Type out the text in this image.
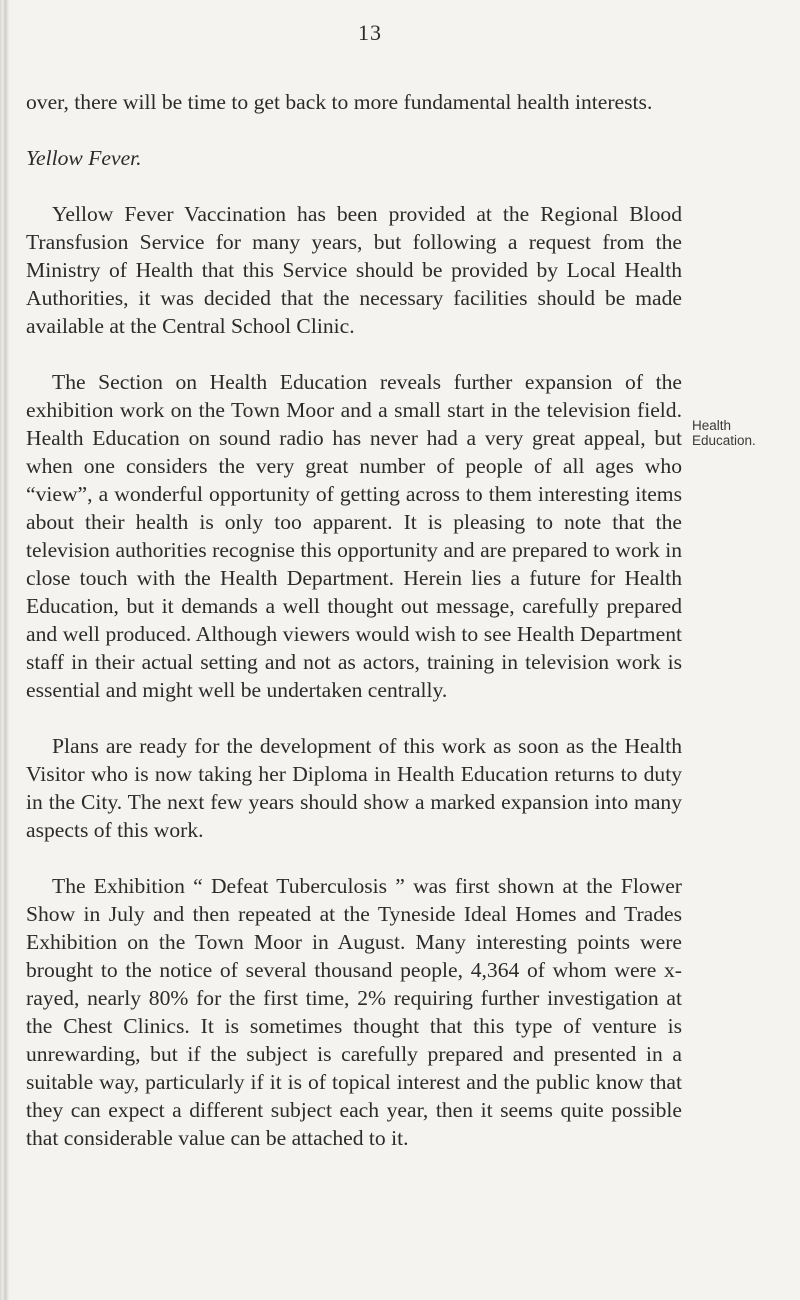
13

over, there will be time to get back to more fundamental health interests.

Yellow Fever.

Yellow Fever Vaccination has been provided at the Regional Blood Transfusion Service for many years, but following a request from the Ministry of Health that this Service should be provided by Local Health Authorities, it was decided that the necessary facilities should be made available at the Central School Clinic.

The Section on Health Education reveals further expansion of the exhibition work on the Town Moor and a small start in the television field. Health Education on sound radio has never had a very great appeal, but when one considers the very great number of people of all ages who “view”, a wonderful opportunity of getting across to them interesting items about their health is only too apparent. It is pleasing to note that the television authorities recognise this opportunity and are prepared to work in close touch with the Health Department. Herein lies a future for Health Education, but it demands a well thought out message, carefully prepared and well produced. Although viewers would wish to see Health Department staff in their actual setting and not as actors, training in television work is essential and might well be undertaken centrally.

Plans are ready for the development of this work as soon as the Health Visitor who is now taking her Diploma in Health Education returns to duty in the City. The next few years should show a marked expansion into many aspects of this work.

The Exhibition “ Defeat Tuberculosis ” was first shown at the Flower Show in July and then repeated at the Tyneside Ideal Homes and Trades Exhibition on the Town Moor in August. Many interesting points were brought to the notice of several thousand people, 4,364 of whom were x-rayed, nearly 80% for the first time, 2% requiring further investigation at the Chest Clinics. It is sometimes thought that this type of venture is unrewarding, but if the subject is carefully prepared and presented in a suitable way, particularly if it is of topical interest and the public know that they can expect a different subject each year, then it seems quite possible that considerable value can be attached to it.

Health
Education.
